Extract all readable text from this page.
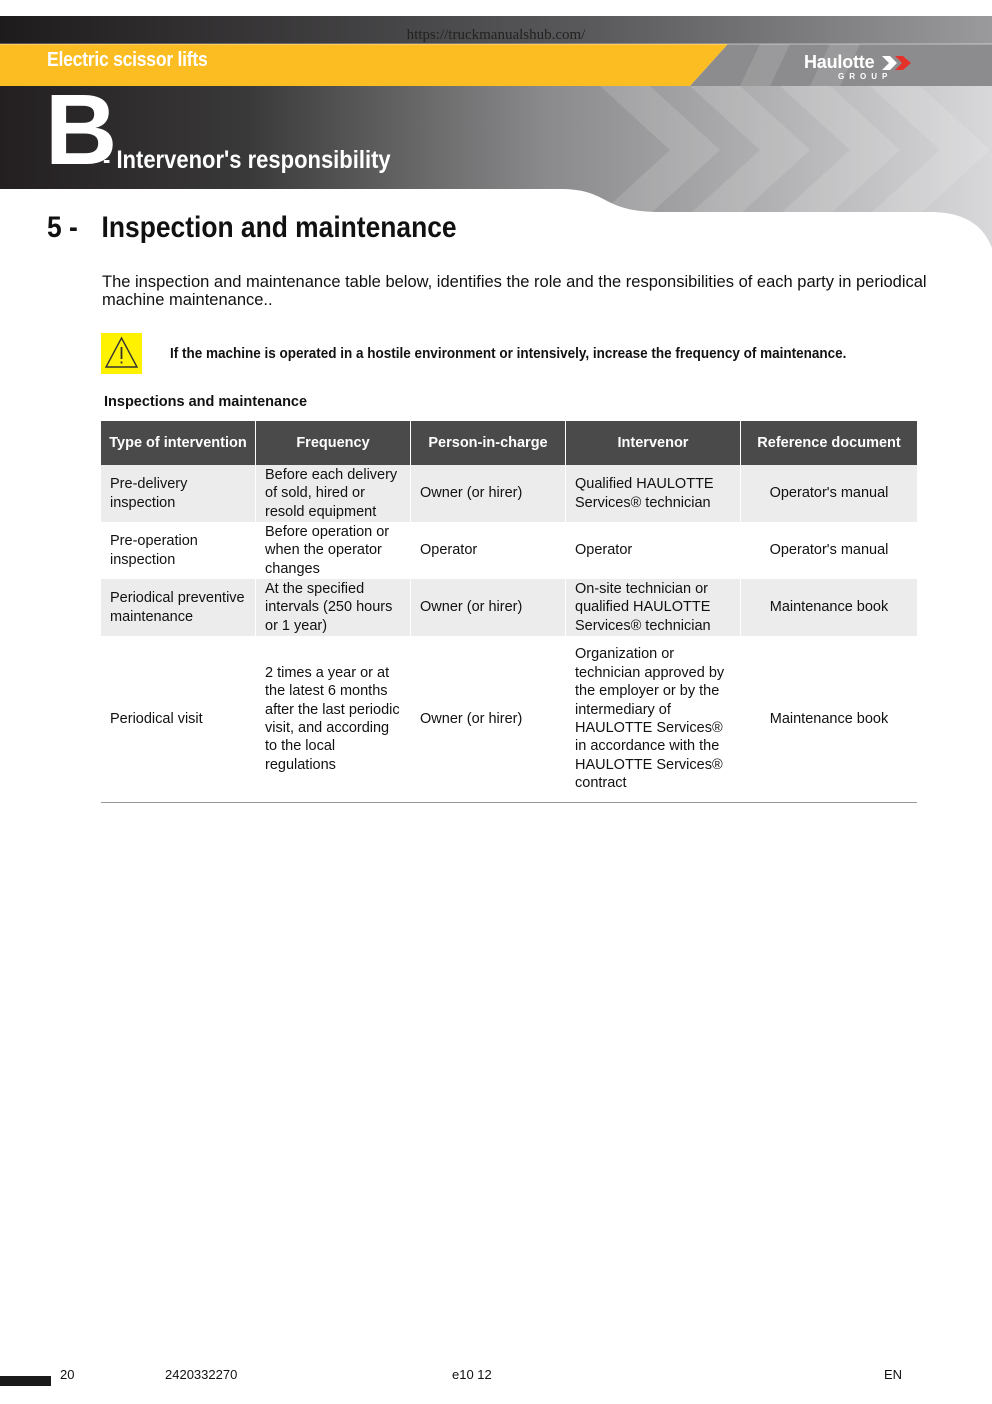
https://truckmanualshub.com/
Electric scissor lifts	Haulotte
GROUP
B
- Intervenor's responsibility
5 - Inspection and maintenance
The inspection and maintenance table below, identifies the role and the responsibilities of each party in periodical machine maintenance..
If the machine is operated in a hostile environment or intensively, increase the frequency of maintenance.
Inspections and maintenance
Type of intervention	Frequency	Person-in-charge	Intervenor	Reference document
Pre-delivery inspection	Before each delivery of sold, hired or resold equipment	Owner (or hirer)	Qualified HAULOTTE Services® technician	Operator's manual
Pre-operation inspection	Before operation or when the operator changes	Operator	Operator	Operator's manual
Periodical preventive maintenance	At the specified intervals (250 hours or 1 year)	Owner (or hirer)	On-site technician or qualified HAULOTTE Services® technician	Maintenance book
Periodical visit	2 times a year or at the latest 6 months after the last periodic visit, and according to the local regulations	Owner (or hirer)	Organization or technician approved by the employer or by the intermediary of HAULOTTE Services® in accordance with the HAULOTTE Services® contract	Maintenance book
20	2420332270	e10 12	EN
